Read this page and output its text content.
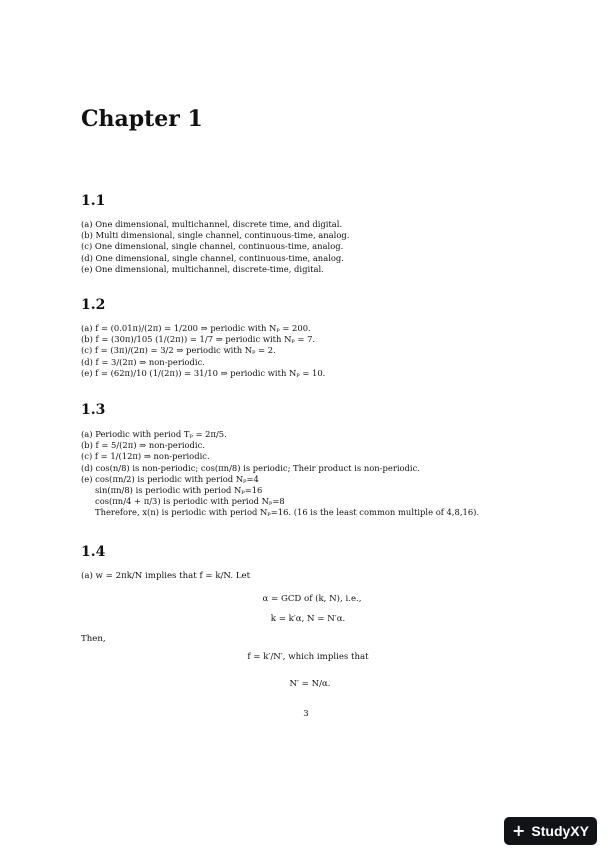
Chapter 1
1.1
(a) One dimensional, multichannel, discrete time, and digital.
(b) Multi dimensional, single channel, continuous-time, analog.
(c) One dimensional, single channel, continuous-time, analog.
(d) One dimensional, single channel, continuous-time, analog.
(e) One dimensional, multichannel, discrete-time, digital.
1.2
(a) f = (0.01π)/(2π) = 1/200 ⇒ periodic with Nₚ = 200.
(b) f = (30π)/105 (1/(2π)) = 1/7 ⇒ periodic with Nₚ = 7.
(c) f = (3π)/(2π) = 3/2 ⇒ periodic with Nₚ = 2.
(d) f = 3/(2π) ⇒ non-periodic.
(e) f = (62π)/10 (1/(2π)) = 31/10 ⇒ periodic with Nₚ = 10.
1.3
(a) Periodic with period Tₚ = 2π/5.
(b) f = 5/(2π) ⇒ non-periodic.
(c) f = 1/(12π) ⇒ non-periodic.
(d) cos(n/8) is non-periodic; cos(πn/8) is periodic; Their product is non-periodic.
(e) cos(πn/2) is periodic with period Nₚ=4
sin(πn/8) is periodic with period Nₚ=16
cos(πn/4 + π/3) is periodic with period Nₚ=8
Therefore, x(n) is periodic with period Nₚ=16. (16 is the least common multiple of 4,8,16).
1.4
(a) w = 2πk/N implies that f = k/N. Let
α = GCD of (k, N), i.e.,
k = k′α, N = N′α.
Then,
f = k′/N′, which implies that
N′ = N/α.
3
+ StudyXY
